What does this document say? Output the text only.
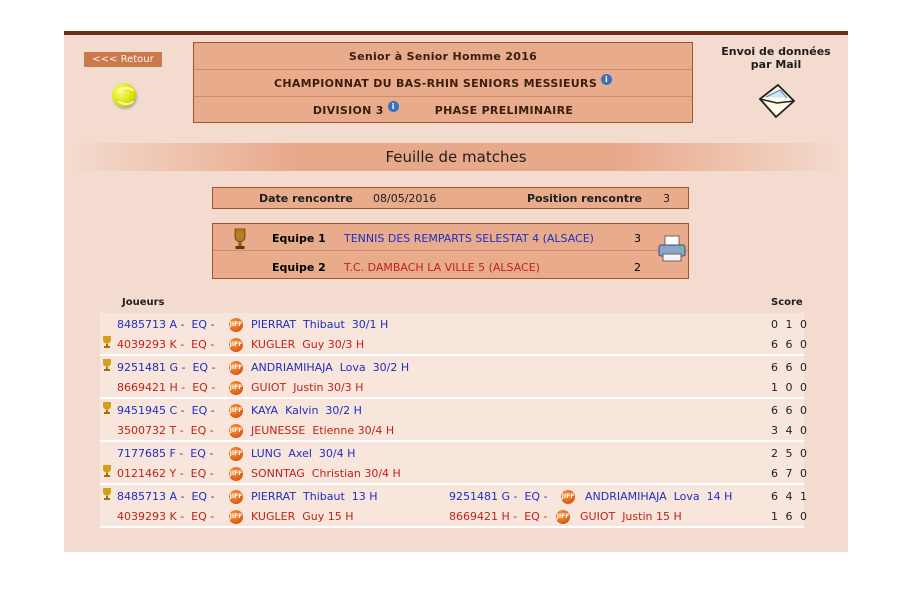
<<< Retour	Senior à Senior Homme 2016
CHAMPIONNAT DU BAS-RHIN SENIORS MESSIEURS i
DIVISION 3 i	PHASE PRELIMINAIRE
Envoi de données
par Mail
Feuille de matches
Date rencontre 08/05/2016	Position rencontre 3
Equipe 1 TENNIS DES REMPARTS SELESTAT 4 (ALSACE)	3
Equipe 2 T.C. DAMBACH LA VILLE 5 (ALSACE)	2
Joueurs	Score
8485713 A -  EQ -	JIFF PIERRAT  Thibaut  30/1 H	0 1 0
4039293 K -  EQ -	JIFF KUGLER  Guy 30/3 H	6 6 0
9251481 G -  EQ - JIFF ANDRIAMIHAJA  Lova  30/2 H	6 6 0
8669421 H -  EQ - JIFF GUIOT  Justin 30/3 H	1 0 0
9451945 C -  EQ - JIFF KAYA  Kalvin  30/2 H	6 6 0
3500732 T -  EQ -	JIFF JEUNESSE  Etienne 30/4 H	3 4 0
7177685 F -  EQ -	JIFF LUNG  Axel  30/4 H	2 5 0
0121462 Y -  EQ -	JIFF SONNTAG  Christian 30/4 H	6 7 0
8485713 A -  EQ -	JIFF PIERRAT  Thibaut  13 H	9251481 G -  EQ - JIFF ANDRIAMIHAJA  Lova  14 H	6 4 1
4039293 K -  EQ -	JIFF KUGLER  Guy 15 H	8669421 H -  EQ - JIFF GUIOT  Justin 15 H	1 6 0
